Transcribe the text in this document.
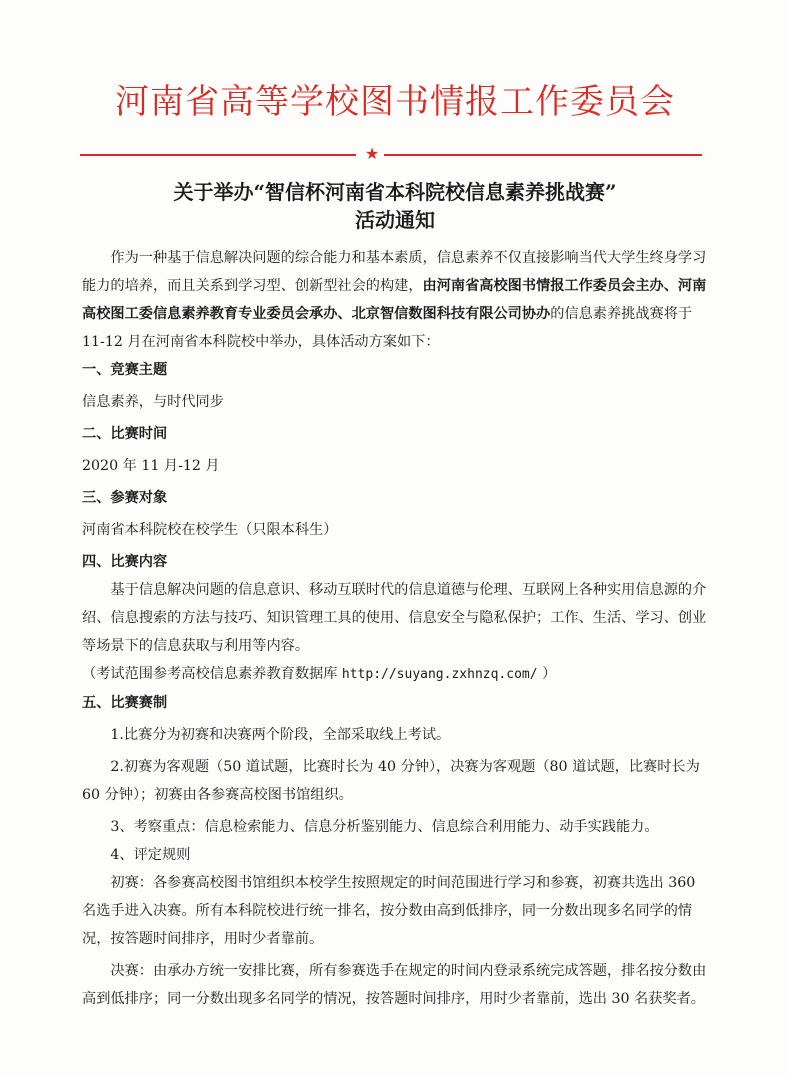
河南省高等学校图书情报工作委员会
★
关于举办“智信杯河南省本科院校信息素养挑战赛”
活动通知

作为一种基于信息解决问题的综合能力和基本素质，信息素养不仅直接影响当代大学生终身学习能力的培养，而且关系到学习型、创新型社会的构建，由河南省高校图书情报工作委员会主办、河南高校图工委信息素养教育专业委员会承办、北京智信数图科技有限公司协办的信息素养挑战赛将于 11-12 月在河南省本科院校中举办，具体活动方案如下：

一、竞赛主题

信息素养，与时代同步

二、比赛时间

2020 年 11 月-12 月

三、参赛对象

河南省本科院校在校学生（只限本科生）

四、比赛内容

基于信息解决问题的信息意识、移动互联时代的信息道德与伦理、互联网上各种实用信息源的介绍、信息搜索的方法与技巧、知识管理工具的使用、信息安全与隐私保护；工作、生活、学习、创业等场景下的信息获取与利用等内容。

（考试范围参考高校信息素养教育数据库 http://suyang.zxhnzq.com/ ）

五、比赛赛制

1.比赛分为初赛和决赛两个阶段，全部采取线上考试。

2.初赛为客观题（50 道试题，比赛时长为 40 分钟），决赛为客观题（80 道试题，比赛时长为 60 分钟）；初赛由各参赛高校图书馆组织。

3、考察重点：信息检索能力、信息分析鉴别能力、信息综合利用能力、动手实践能力。

4、评定规则

初赛：各参赛高校图书馆组织本校学生按照规定的时间范围进行学习和参赛，初赛共选出 360 名选手进入决赛。所有本科院校进行统一排名，按分数由高到低排序，同一分数出现多名同学的情况，按答题时间排序，用时少者靠前。

决赛：由承办方统一安排比赛，所有参赛选手在规定的时间内登录系统完成答题，排名按分数由高到低排序；同一分数出现多名同学的情况，按答题时间排序，用时少者靠前，选出 30 名获奖者。
